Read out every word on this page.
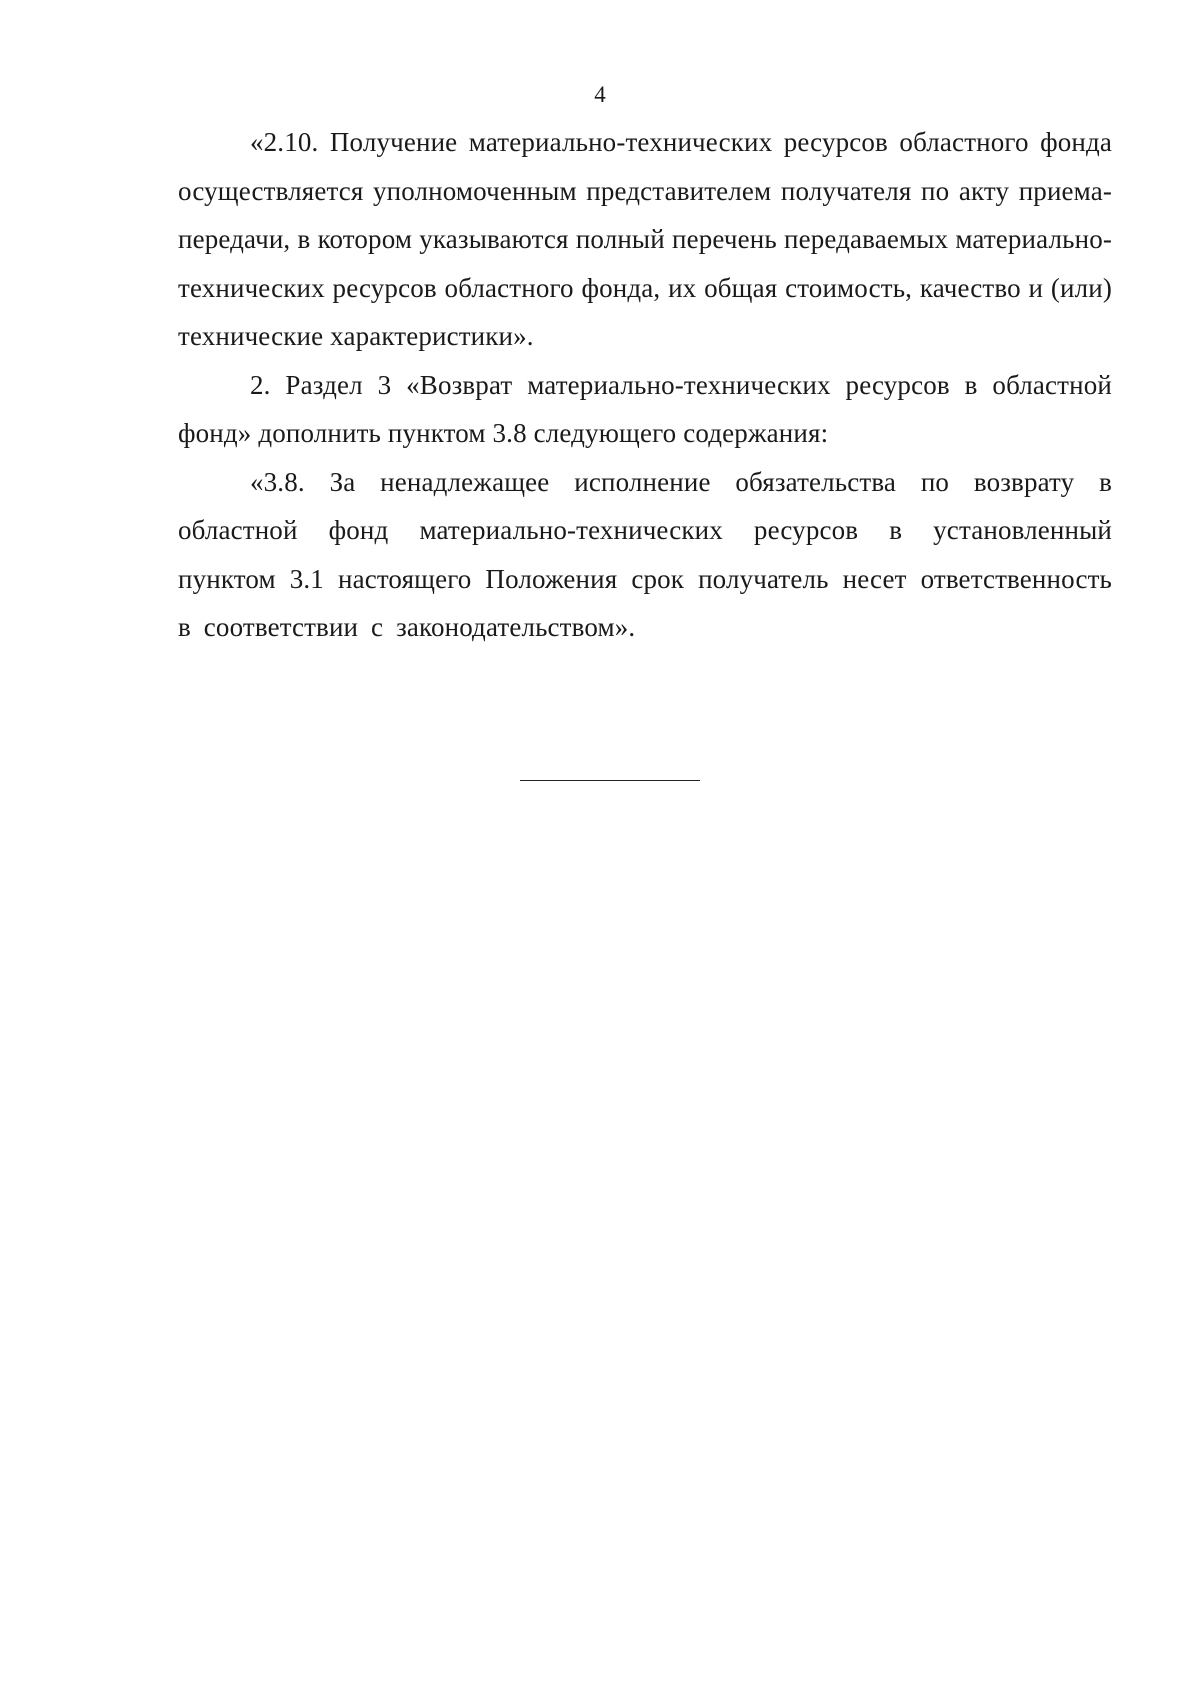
4

«2.10. Получение материально-технических ресурсов областного фонда осуществляется уполномоченным представителем получателя по акту приема-передачи, в котором указываются полный перечень передаваемых материально-технических ресурсов областного фонда, их общая стоимость, качество и (или) технические характеристики».

2. Раздел 3 «Возврат материально-технических ресурсов в областной фонд» дополнить пунктом 3.8 следующего содержания:

«3.8. За ненадлежащее исполнение обязательства по возврату в областной фонд материально-технических ресурсов в установленный пунктом 3.1 настоящего Положения срок получатель несет ответственность в соответствии с законодательством».
